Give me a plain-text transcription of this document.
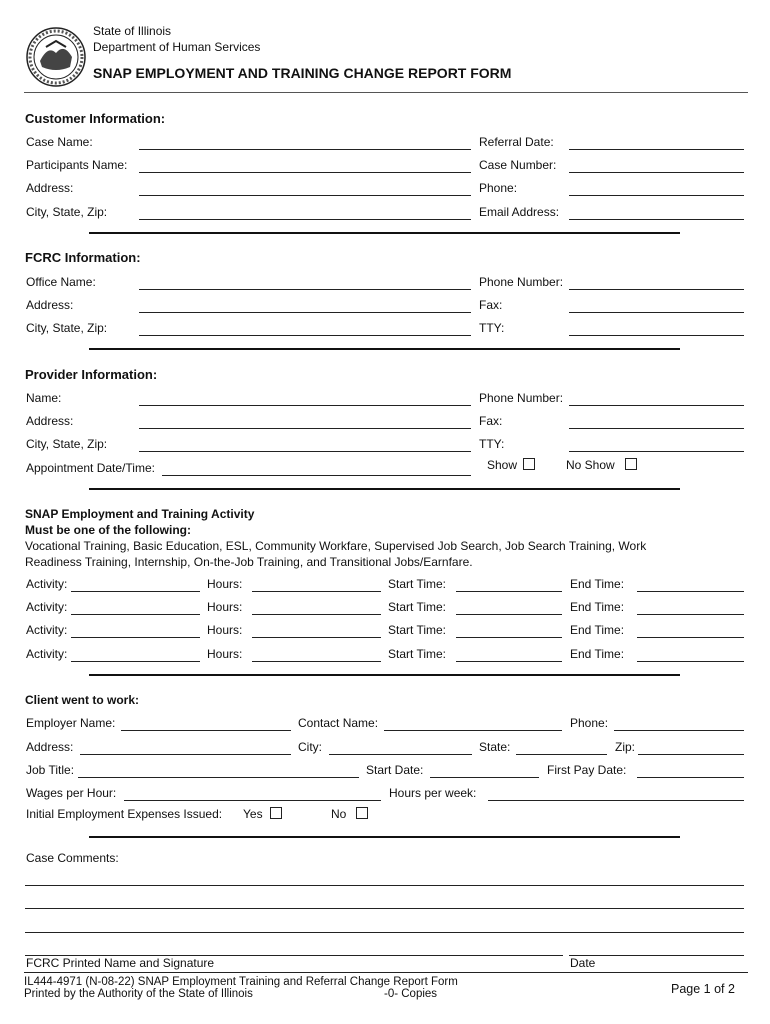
State of Illinois
Department of Human Services
SNAP EMPLOYMENT AND TRAINING CHANGE REPORT FORM
Customer Information:
Case Name:	Referral Date:
Participants Name:	Case Number:
Address:	Phone:
City, State, Zip:	Email Address:
FCRC Information:
Office Name:	Phone Number:
Address:	Fax:
City, State, Zip:	TTY:
Provider Information:
Name:	Phone Number:
Address:	Fax:
City, State, Zip:	TTY:
Appointment Date/Time:	Show	No Show
SNAP Employment and Training Activity
Must be one of the following:
Vocational Training, Basic Education, ESL, Community Workfare, Supervised Job Search, Job Search Training, Work
Readiness Training, Internship, On-the-Job Training, and Transitional Jobs/Earnfare.
Activity:	Hours:	Start Time:	End Time:
Activity:	Hours:	Start Time:	End Time:
Activity:	Hours:	Start Time:	End Time:
Activity:	Hours:	Start Time:	End Time:
Client went to work:
Employer Name:	Contact Name:	Phone:
Address:	City:	State:	Zip:
Job Title:	Start Date:	First Pay Date:
Wages per Hour:	Hours per week:
Initial Employment Expenses Issued: Yes	No
Case Comments:
FCRC Printed Name and Signature	Date
IL444-4971 (N-08-22) SNAP Employment Training and Referral Change Report Form
Printed by the Authority of the State of Illinois	-0- Copies	Page 1 of 2
